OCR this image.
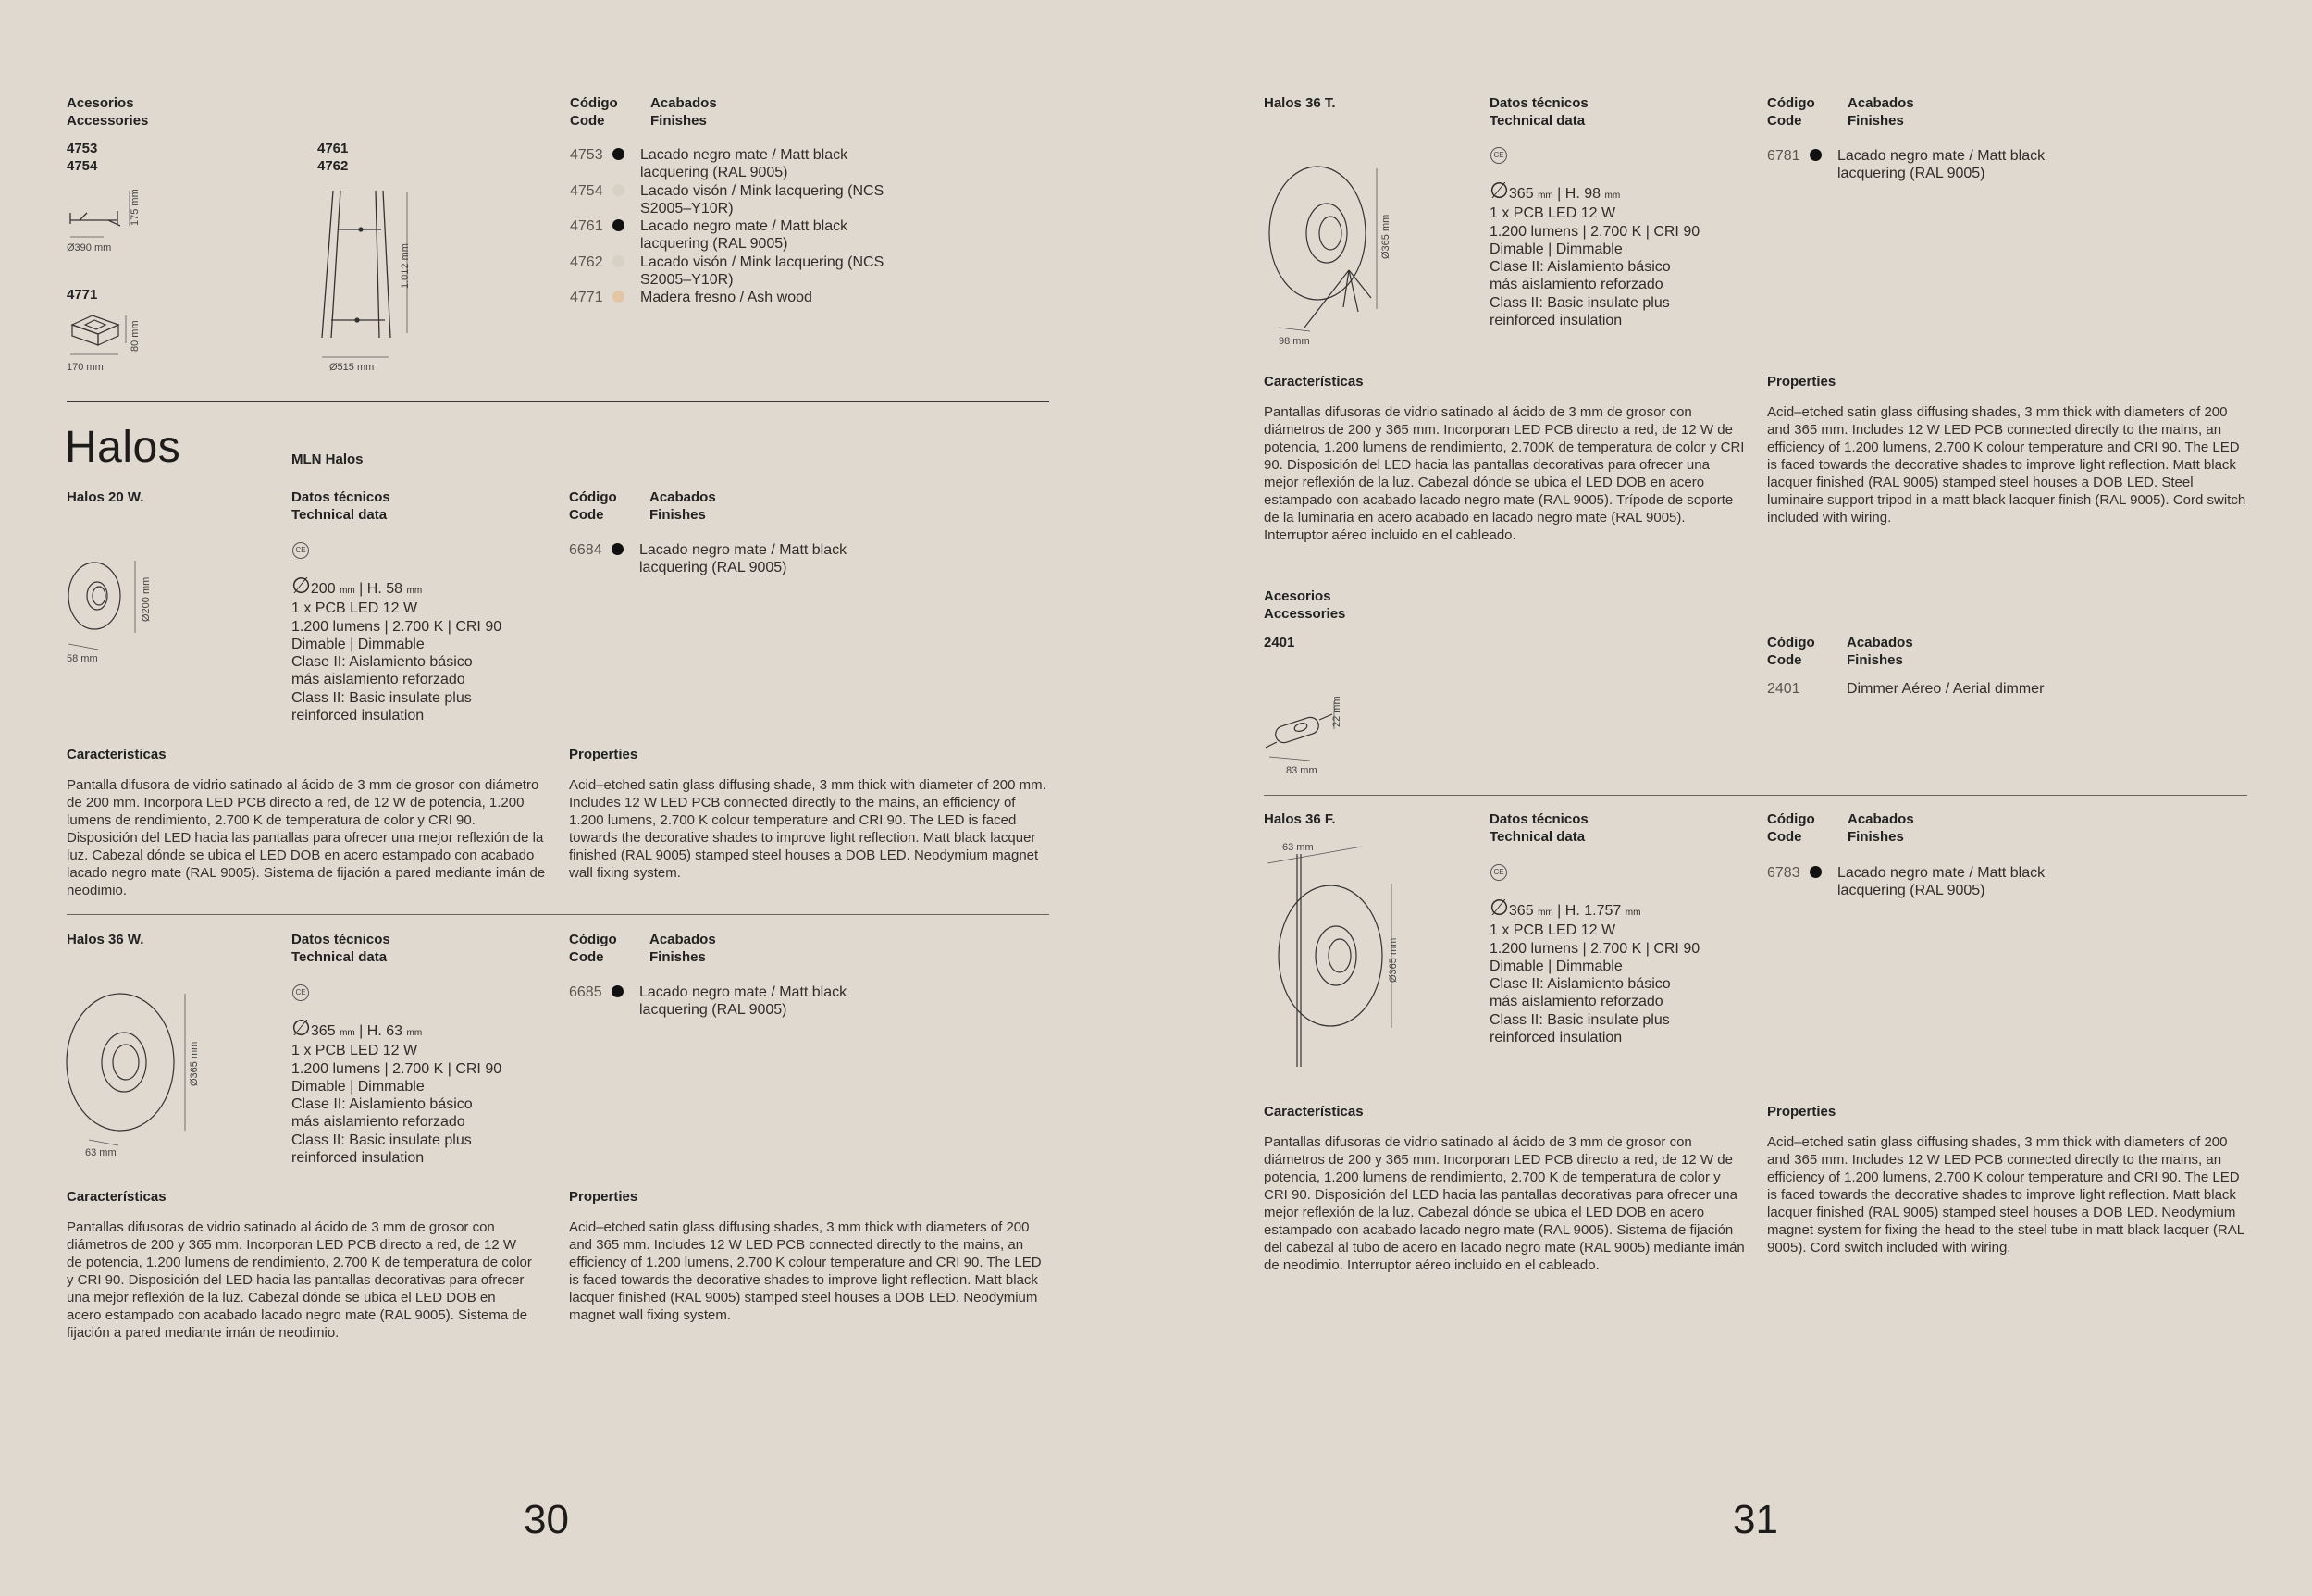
Acesorios
Accessories
4753
4754
4761
4762
4771
Ø390 mm
175 mm
Ø515 mm
1.012 mm
170 mm
80 mm
Código
Code
Acabados
Finishes
4753	Lacado negro mate / Matt black lacquering (RAL 9005)
4754	Lacado visón / Mink lacquering (NCS S2005–Y10R)
4761	Lacado negro mate / Matt black lacquering (RAL 9005)
4762	Lacado visón / Mink lacquering (NCS S2005–Y10R)
4771	Madera fresno / Ash wood
Halos	MLN Halos
Halos 20 W.	Datos técnicos
Technical data
CE
∅200 mm | H. 58 mm
1 x PCB LED 12 W
1.200 lumens | 2.700 K | CRI 90
Dimable | Dimmable
Clase II: Aislamiento básico
más aislamiento reforzado
Class II: Basic insulate plus
reinforced insulation
Código
Code
Acabados
Finishes
6684	Lacado negro mate / Matt black lacquering (RAL 9005)
58 mm
Ø200 mm
Características

Pantalla difusora de vidrio satinado al ácido de 3 mm de grosor con diámetro de 200 mm. Incorpora LED PCB directo a red, de 12 W de potencia, 1.200 lumens de rendimiento, 2.700 K de temperatura de color y CRI 90. Disposición del LED hacia las pantallas para ofrecer una mejor reflexión de la luz. Cabezal dónde se ubica el LED DOB en acero estampado con acabado lacado negro mate (RAL 9005). Sistema de fijación a pared mediante imán de neodimio.

Properties

Acid–etched satin glass diffusing shade, 3 mm thick with diameter of 200 mm. Includes 12 W LED PCB connected directly to the mains, an efficiency of 1.200 lumens, 2.700 K colour temperature and CRI 90. The LED is faced towards the decorative shades to improve light reflection. Matt black lacquer finished (RAL 9005) stamped steel houses a DOB LED. Neodymium magnet wall fixing system.

Halos 36 W.	Datos técnicos
Technical data
CE
∅365 mm | H. 63 mm
1 x PCB LED 12 W
1.200 lumens | 2.700 K | CRI 90
Dimable | Dimmable
Clase II: Aislamiento básico
más aislamiento reforzado
Class II: Basic insulate plus
reinforced insulation
Código
Code
Acabados
Finishes
6685	Lacado negro mate / Matt black lacquering (RAL 9005)
63 mm
Ø365 mm
Características

Pantallas difusoras de vidrio satinado al ácido de 3 mm de grosor con diámetros de 200 y 365 mm. Incorporan LED PCB directo a red, de 12 W de potencia, 1.200 lumens de rendimiento, 2.700 K de temperatura de color y CRI 90. Disposición del LED hacia las pantallas decorativas para ofrecer una mejor reflexión de la luz. Cabezal dónde se ubica el LED DOB en acero estampado con acabado lacado negro mate (RAL 9005). Sistema de fijación a pared mediante imán de neodimio.

Properties

Acid–etched satin glass diffusing shades, 3 mm thick with diameters of 200 and 365 mm. Includes 12 W LED PCB connected directly to the mains, an efficiency of 1.200 lumens, 2.700 K colour temperature and CRI 90. The LED is faced towards the decorative shades to improve light reflection. Matt black lacquer finished (RAL 9005) stamped steel houses a DOB LED. Neodymium magnet wall fixing system.

30
Halos 36 T.	Datos técnicos
Technical data
CE
∅365 mm | H. 98 mm
1 x PCB LED 12 W
1.200 lumens | 2.700 K | CRI 90
Dimable | Dimmable
Clase II: Aislamiento básico
más aislamiento reforzado
Class II: Basic insulate plus
reinforced insulation
Código
Code
Acabados
Finishes
6781	Lacado negro mate / Matt black lacquering (RAL 9005)
98 mm
Ø365 mm
Características

Pantallas difusoras de vidrio satinado al ácido de 3 mm de grosor con diámetros de 200 y 365 mm. Incorporan LED PCB directo a red, de 12 W de potencia, 1.200 lumens de rendimiento, 2.700K de temperatura de color y CRI 90. Disposición del LED hacia las pantallas decorativas para ofrecer una mejor reflexión de la luz. Cabezal dónde se ubica el LED DOB en acero estampado con acabado lacado negro mate (RAL 9005). Trípode de soporte de la luminaria en acero acabado en lacado negro mate (RAL 9005). Interruptor aéreo incluido en el cableado.

Properties

Acid–etched satin glass diffusing shades, 3 mm thick with diameters of 200 and 365 mm. Includes 12 W LED PCB connected directly to the mains, an efficiency of 1.200 lumens, 2.700 K colour temperature and CRI 90. The LED is faced towards the decorative shades to improve light reflection. Matt black lacquer finished (RAL 9005) stamped steel houses a DOB LED. Steel luminaire support tripod in a matt black lacquer finish (RAL 9005). Cord switch included with wiring.

Acesorios
Accessories
2401
83 mm
22 mm
Código
Code
Acabados
Finishes
2401	Dimmer Aéreo / Aerial dimmer
Halos 36 F.	Datos técnicos
Technical data
CE
∅365 mm | H. 1.757 mm
1 x PCB LED 12 W
1.200 lumens | 2.700 K | CRI 90
Dimable | Dimmable
Clase II: Aislamiento básico
más aislamiento reforzado
Class II: Basic insulate plus
reinforced insulation
Código
Code
Acabados
Finishes
6783	Lacado negro mate / Matt black lacquering (RAL 9005)
63 mm
Ø365 mm
Características

Pantallas difusoras de vidrio satinado al ácido de 3 mm de grosor con diámetros de 200 y 365 mm. Incorporan LED PCB directo a red, de 12 W de potencia, 1.200 lumens de rendimiento, 2.700 K de temperatura de color y CRI 90. Disposición del LED hacia las pantallas decorativas para ofrecer una mejor reflexión de la luz. Cabezal dónde se ubica el LED DOB en acero estampado con acabado lacado negro mate (RAL 9005). Sistema de fijación del cabezal al tubo de acero en lacado negro mate (RAL 9005) mediante imán de neodimio. Interruptor aéreo incluido en el cableado.

Properties

Acid–etched satin glass diffusing shades, 3 mm thick with diameters of 200 and 365 mm. Includes 12 W LED PCB connected directly to the mains, an efficiency of 1.200 lumens, 2.700 K colour temperature and CRI 90. The LED is faced towards the decorative shades to improve light reflection. Matt black lacquer finished (RAL 9005) stamped steel houses a DOB LED. Neodymium magnet system for fixing the head to the steel tube in matt black lacquer (RAL 9005). Cord switch included with wiring.

31
